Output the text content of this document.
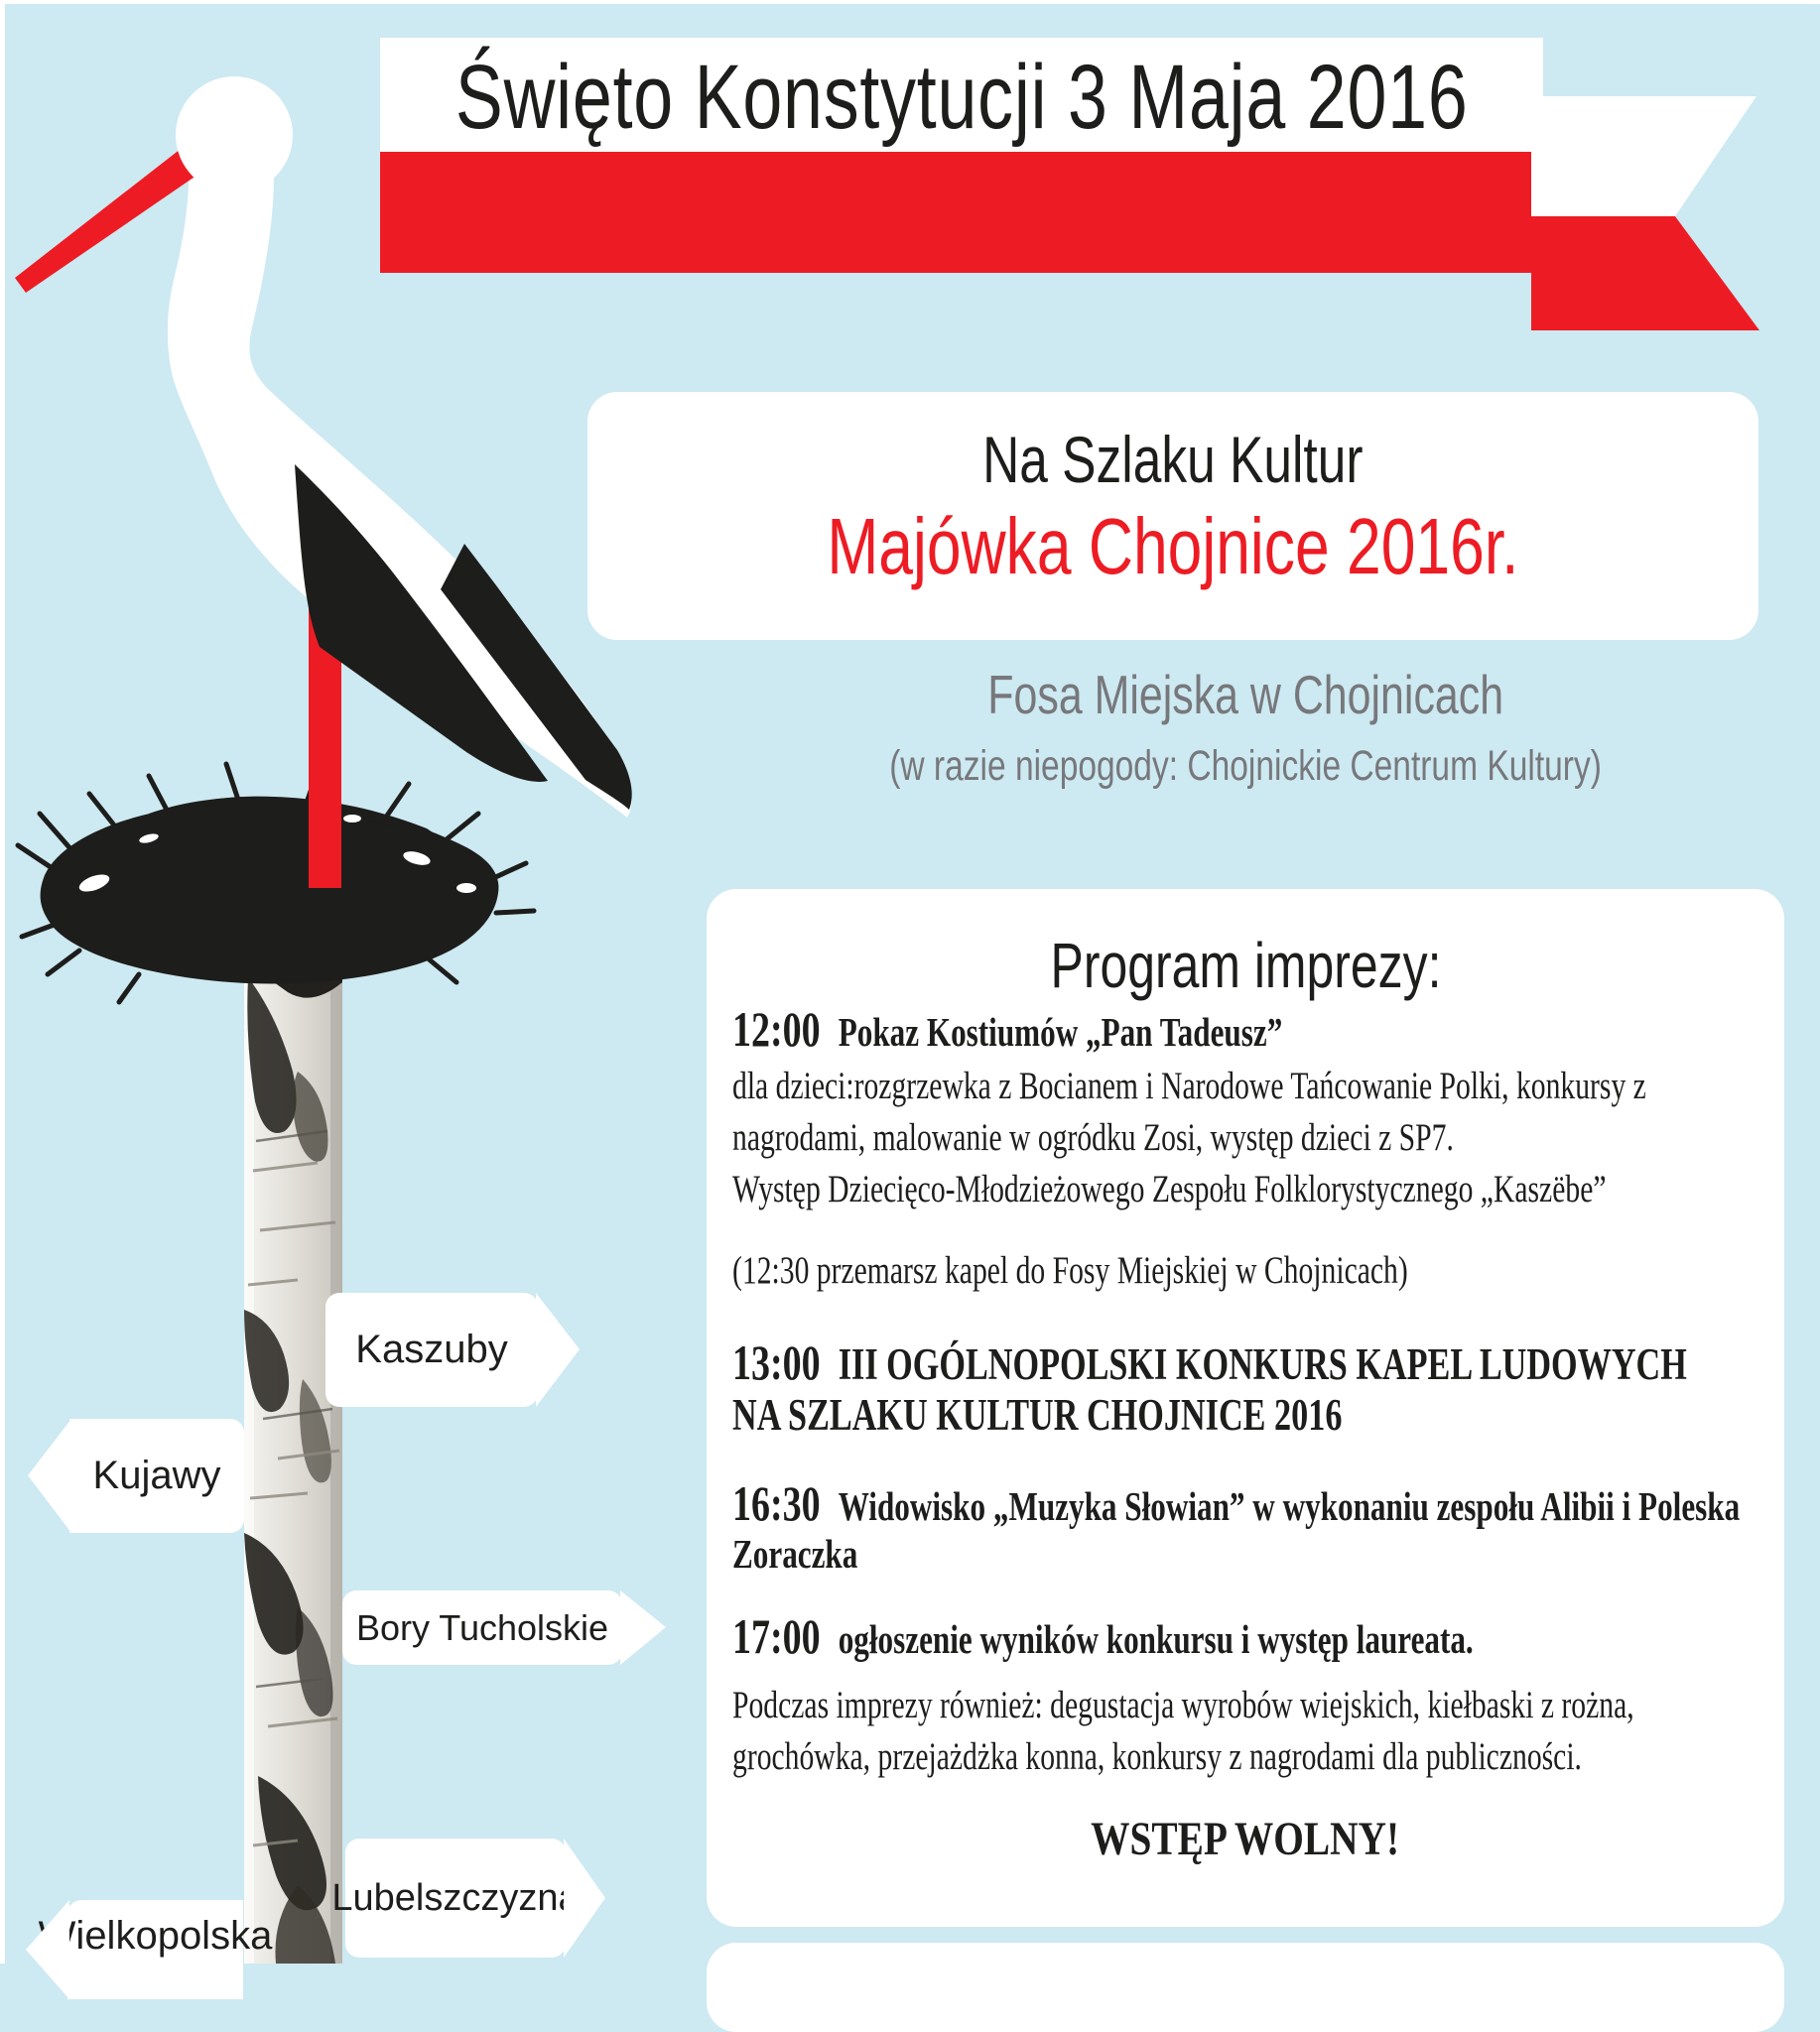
Święto Konstytucji 3 Maja 2016
Na Szlaku Kultur
Majówka Chojnice 2016r.
Fosa Miejska w Chojnicach
(w razie niepogody: Chojnickie Centrum Kultury)
Program imprezy:
12:00 Pokaz Kostiumów „Pan Tadeusz”
dla dzieci:rozgrzewka z Bocianem i Narodowe Tańcowanie Polki, konkursy z
nagrodami, malowanie w ogródku Zosi, występ dzieci z SP7.
Występ Dziecięco-Młodzieżowego Zespołu Folklorystycznego „Kaszëbe”
(12:30 przemarsz kapel do Fosy Miejskiej w Chojnicach)
13:00 III OGÓLNOPOLSKI KONKURS KAPEL LUDOWYCH
NA SZLAKU KULTUR CHOJNICE 2016
16:30 Widowisko „Muzyka Słowian” w wykonaniu zespołu Alibii i Poleska
Zoraczka
17:00 ogłoszenie wyników konkursu i występ laureata.
Podczas imprezy również: degustacja wyrobów wiejskich, kiełbaski z rożna,
grochówka, przejażdżka konna, konkursy z nagrodami dla publiczności.
WSTĘP WOLNY!
Kaszuby
Kujawy
Bory Tucholskie
Lubelszczyzna
Wielkopolska
